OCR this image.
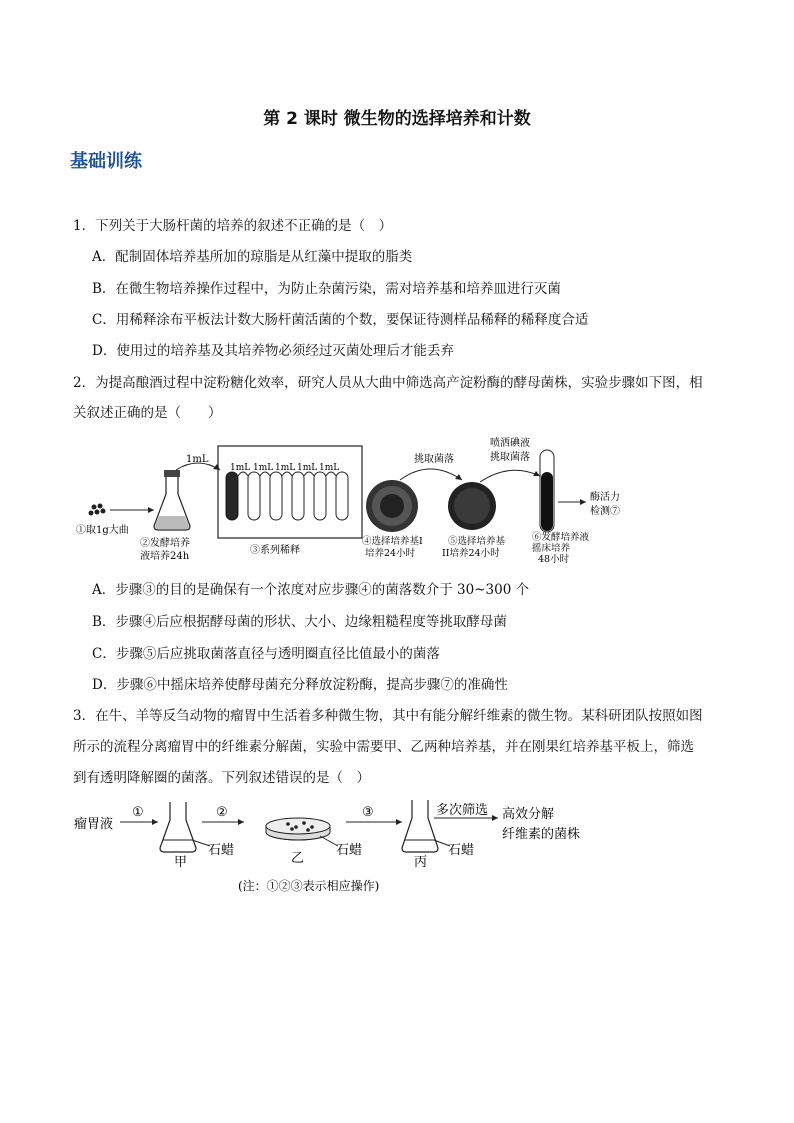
第 2 课时 微生物的选择培养和计数
基础训练
1．下列关于大肠杆菌的培养的叙述不正确的是（　）
A．配制固体培养基所加的琼脂是从红藻中提取的脂类
B．在微生物培养操作过程中，为防止杂菌污染，需对培养基和培养皿进行灭菌
C．用稀释涂布平板法计数大肠杆菌活菌的个数，要保证待测样品稀释的稀释度合适
D．使用过的培养基及其培养物必须经过灭菌处理后才能丢弃
2．为提高酿酒过程中淀粉糖化效率，研究人员从大曲中筛选高产淀粉酶的酵母菌株，实验步骤如下图，相
关叙述正确的是（　　）
①取1g大曲
②发酵培养
液培养24h
1mL
1mL 1mL 1mL 1mL 1mL
③系列稀释
④选择培养基I
培养24小时
挑取菌落
⑤选择培养基
II培养24小时
喷洒碘液
挑取菌落
⑥发酵培养液
摇床培养
48小时
酶活力
检测⑦
A．步骤③的目的是确保有一个浓度对应步骤④的菌落数介于 30~300 个
B．步骤④后应根据酵母菌的形状、大小、边缘粗糙程度等挑取酵母菌
C．步骤⑤后应挑取菌落直径与透明圈直径比值最小的菌落
D．步骤⑥中摇床培养使酵母菌充分释放淀粉酶，提高步骤⑦的准确性
3．在牛、羊等反刍动物的瘤胃中生活着多种微生物，其中有能分解纤维素的微生物。某科研团队按照如图
所示的流程分离瘤胃中的纤维素分解菌，实验中需要甲、乙两种培养基，并在刚果红培养基平板上，筛选
到有透明降解圈的菌落。下列叙述错误的是（　）
瘤胃液
①
甲
石蜡
②
乙
石蜡
③
丙
石蜡
多次筛选 高效分解
纤维素的菌株
(注：①②③表示相应操作)
